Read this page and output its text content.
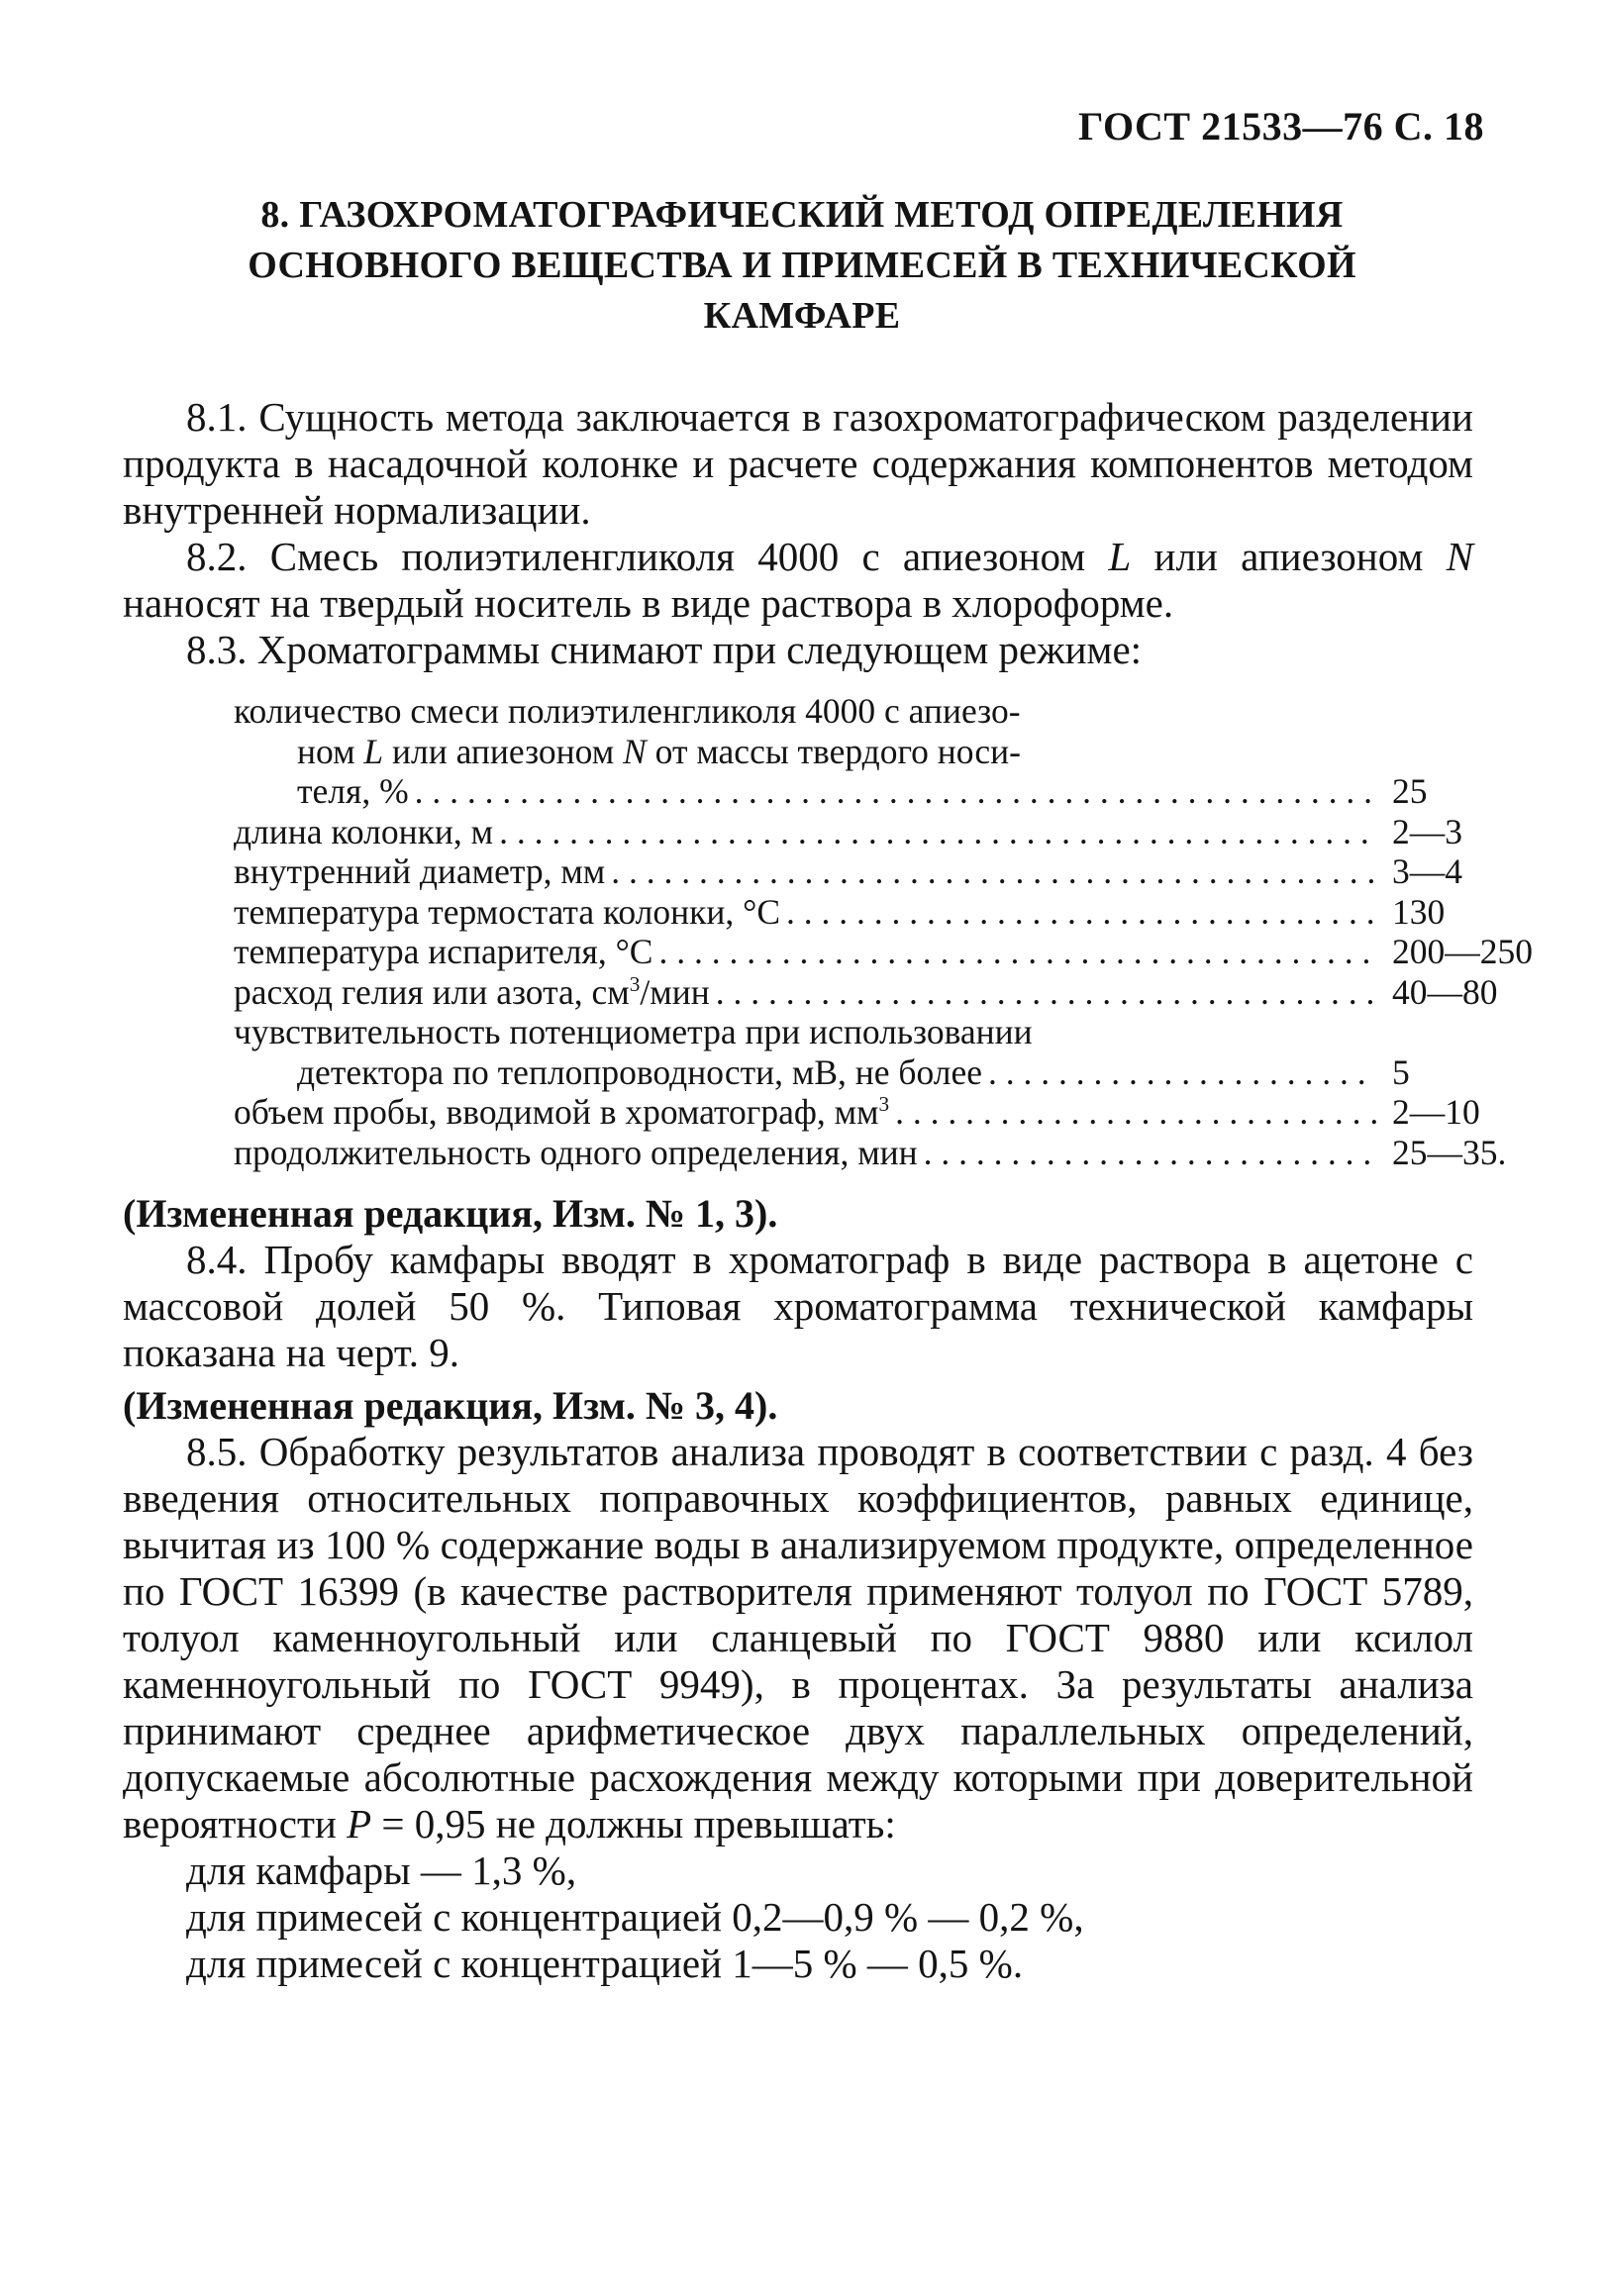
ГОСТ 21533—76 С. 18
8. ГАЗОХРОМАТОГРАФИЧЕСКИЙ МЕТОД ОПРЕДЕЛЕНИЯ
ОСНОВНОГО ВЕЩЕСТВА И ПРИМЕСЕЙ В ТЕХНИЧЕСКОЙ
КАМФАРЕ

8.1. Сущность метода заключается в газохроматографическом разделении продукта в насадочной колонке и расчете содержания компонентов методом внутренней нормализации.

8.2. Смесь полиэтиленгликоля 4000 с апиезоном L или апиезоном N наносят на твердый носитель в виде раствора в хлороформе.

8.3. Хроматограммы снимают при следующем режиме:

количество смеси полиэтиленгликоля 4000 с апиезо-
ном L или апиезоном N от массы твердого носи-
теля, % . . .	25
длина колонки, м . . .	2—3
внутренний диаметр, мм . . .	3—4
температура термостата колонки, °С . . .	130
температура испарителя, °С . . .	200—250
расход гелия или азота, $см^3$/мин . . .	40—80
чувствительность потенциометра при использовании
детектора по теплопроводности, мВ, не более . . .	5
объем пробы, вводимой в хроматограф, $мм^3$ . . .	2—10
продолжительность одного определения, мин . . .	25—35.

(Измененная редакция, Изм. № 1, 3).

8.4. Пробу камфары вводят в хроматограф в виде раствора в ацетоне с массовой долей 50 %. Типовая хроматограмма технической камфары показана на черт. 9.

(Измененная редакция, Изм. № 3, 4).

8.5. Обработку результатов анализа проводят в соответствии с разд. 4 без введения относительных поправочных коэффициентов, равных единице, вычитая из 100 % содержание воды в анализируемом продукте, определенное по ГОСТ 16399 (в качестве растворителя применяют толуол по ГОСТ 5789, толуол каменноугольный или сланцевый по ГОСТ 9880 или ксилол каменноугольный по ГОСТ 9949), в процентах. За результаты анализа принимают среднее арифметическое двух параллельных определений, допускаемые абсолютные расхождения между которыми при доверительной вероятности P = 0,95 не должны превышать:

для камфары — 1,3 %,

для примесей с концентрацией 0,2—0,9 % — 0,2 %,

для примесей с концентрацией 1—5 % — 0,5 %.
